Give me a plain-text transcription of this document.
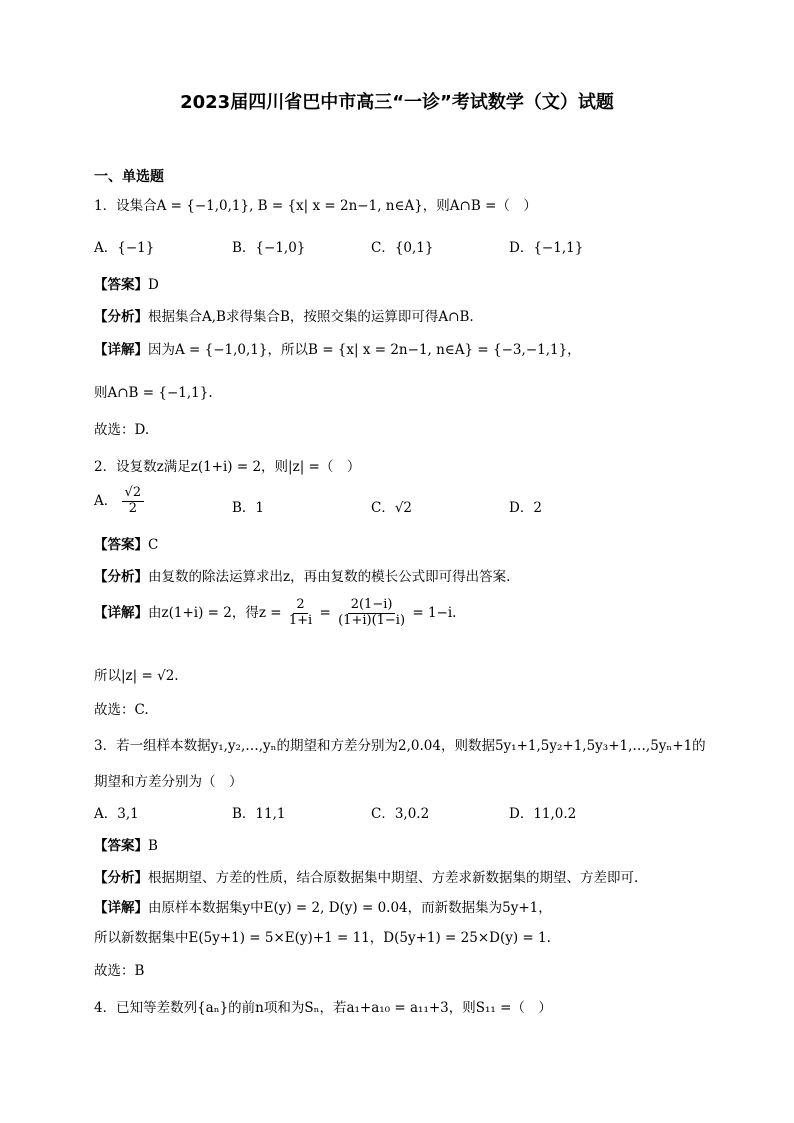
2023届四川省巴中市高三“一诊”考试数学（文）试题
一、单选题
1．设集合A = {−1,0,1}, B = {x| x = 2n−1, n∈A}，则A∩B =（　）
A．{−1}	B．{−1,0}	C．{0,1}	D．{−1,1}
【答案】D
【分析】根据集合A,B求得集合B，按照交集的运算即可得A∩B.
【详解】因为A = {−1,0,1}，所以B = {x| x = 2n−1, n∈A} = {−3,−1,1}，
则A∩B = {−1,1}.
故选：D.
2．设复数z满足z(1+i) = 2，则|z| =（　）
A． $\frac{√2}{2}$	B．1	C．√2	D．2
【答案】C
【分析】由复数的除法运算求出z，再由复数的模长公式即可得出答案.
【详解】由z(1+i) = 2，得$z = \frac{2}{1+i} = \frac{2(1-i)}{(1+i)(1-i)} = 1-i$.
所以|z| = √2.
故选：C.
3．若一组样本数据y₁,y₂,…,yₙ的期望和方差分别为2,0.04，则数据5y₁+1,5y₂+1,5y₃+1,…,5yₙ+1的
期望和方差分别为（　）
A．3,1	B．11,1	C．3,0.2	D．11,0.2
【答案】B
【分析】根据期望、方差的性质，结合原数据集中期望、方差求新数据集的期望、方差即可.
【详解】由原样本数据集y中E(y) = 2, D(y) = 0.04，而新数据集为5y+1，
所以新数据集中E(5y+1) = 5×E(y)+1 = 11，D(5y+1) = 25×D(y) = 1.
故选：B
4．已知等差数列{aₙ}的前n项和为Sₙ，若a₁+a₁₀ = a₁₁+3，则S₁₁ =（　）
